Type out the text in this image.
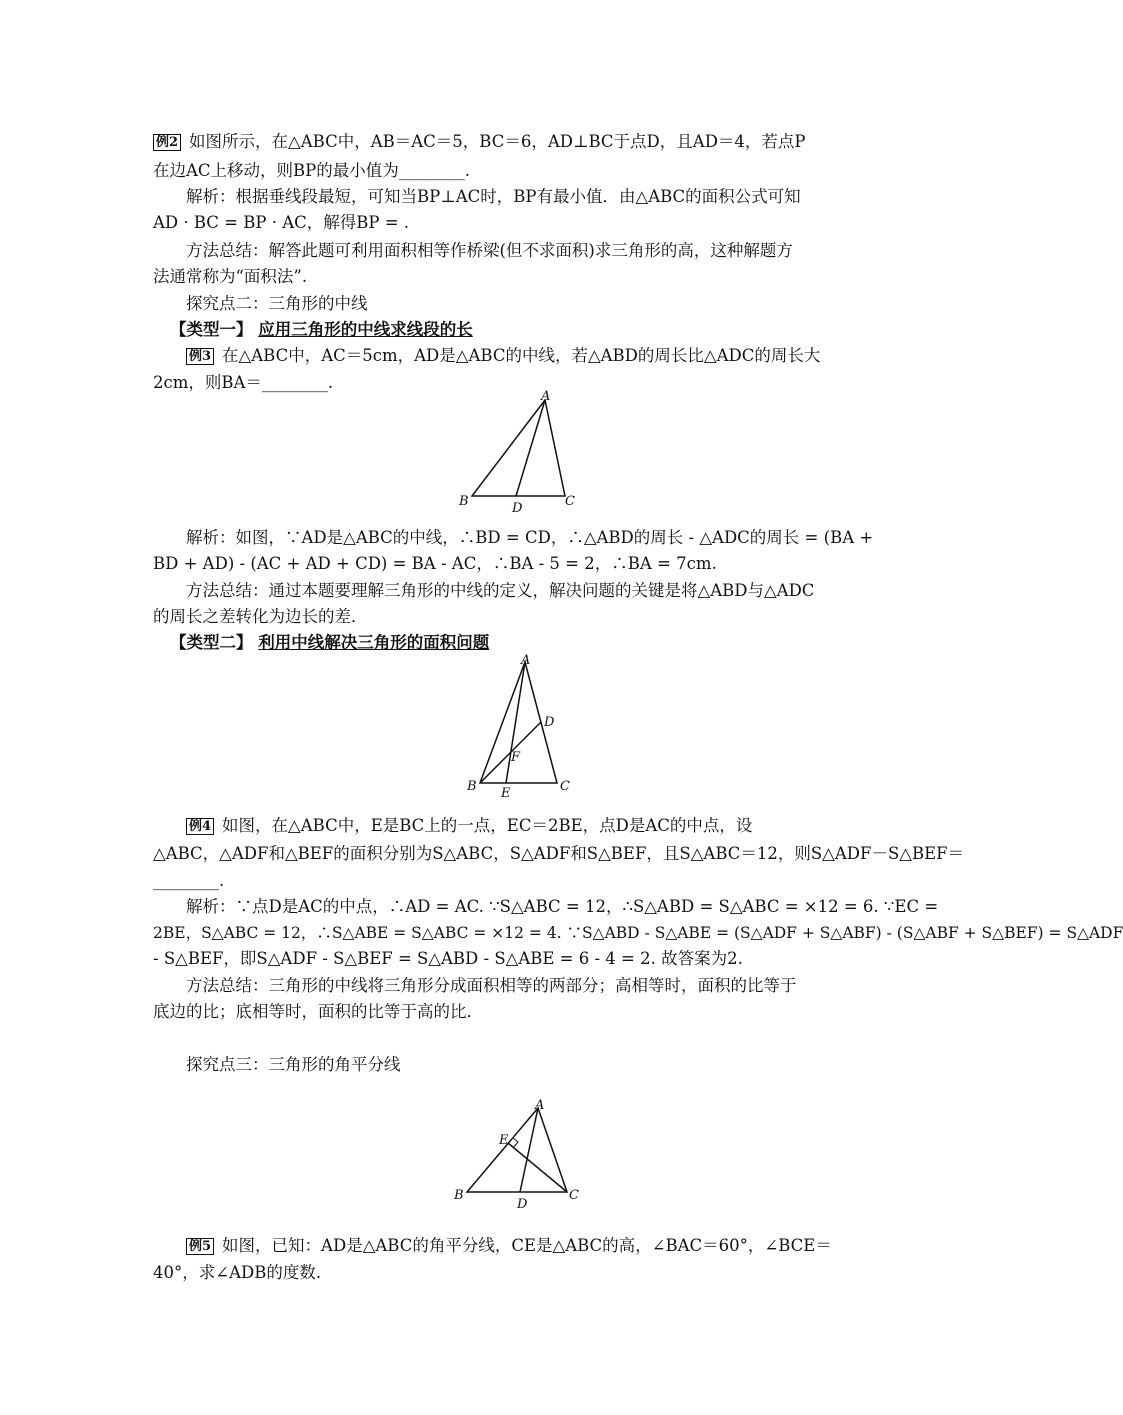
例2 如图所示，在△ABC中，AB＝AC＝5，BC＝6，AD⊥BC于点D，且AD＝4，若点P
在边AC上移动，则BP的最小值为________.
解析：根据垂线段最短，可知当BP⊥AC时，BP有最小值．由△ABC的面积公式可知
AD · BC = BP · AC，解得BP = .
方法总结：解答此题可利用面积相等作桥梁(但不求面积)求三角形的高，这种解题方
法通常称为“面积法”.
探究点二：三角形的中线
【类型一】 应用三角形的中线求线段的长
例3 在△ABC中，AC＝5cm，AD是△ABC的中线，若△ABD的周长比△ADC的周长大
2cm，则BA＝________.
A
B	C
D
解析：如图，∵AD是△ABC的中线，∴BD = CD，∴△ABD的周长 - △ADC的周长 = (BA +
BD + AD) - (AC + AD + CD) = BA - AC，∴BA - 5 = 2，∴BA = 7cm.
方法总结：通过本题要理解三角形的中线的定义，解决问题的关键是将△ABD与△ADC
的周长之差转化为边长的差．
【类型二】 利用中线解决三角形的面积问题
A
B	C
D
E
F
例4 如图，在△ABC中，E是BC上的一点，EC＝2BE，点D是AC的中点，设
△ABC，△ADF和△BEF的面积分别为S△ABC，S△ADF和S△BEF，且S△ABC＝12，则S△ADF－S△BEF＝
________.
解析：∵点D是AC的中点，∴AD = AC. ∵S△ABC = 12，∴S△ABD = S△ABC = ×12 = 6. ∵EC =
2BE，S△ABC = 12，∴S△ABE = S△ABC = ×12 = 4. ∵S△ABD - S△ABE = (S△ADF + S△ABF) - (S△ABF + S△BEF) = S△ADF
- S△BEF，即S△ADF - S△BEF = S△ABD - S△ABE = 6 - 4 = 2. 故答案为2.
方法总结：三角形的中线将三角形分成面积相等的两部分；高相等时，面积的比等于
底边的比；底相等时，面积的比等于高的比．
探究点三：三角形的角平分线
A
B	C
D
E
例5 如图，已知：AD是△ABC的角平分线，CE是△ABC的高，∠BAC＝60°，∠BCE＝
40°，求∠ADB的度数.
